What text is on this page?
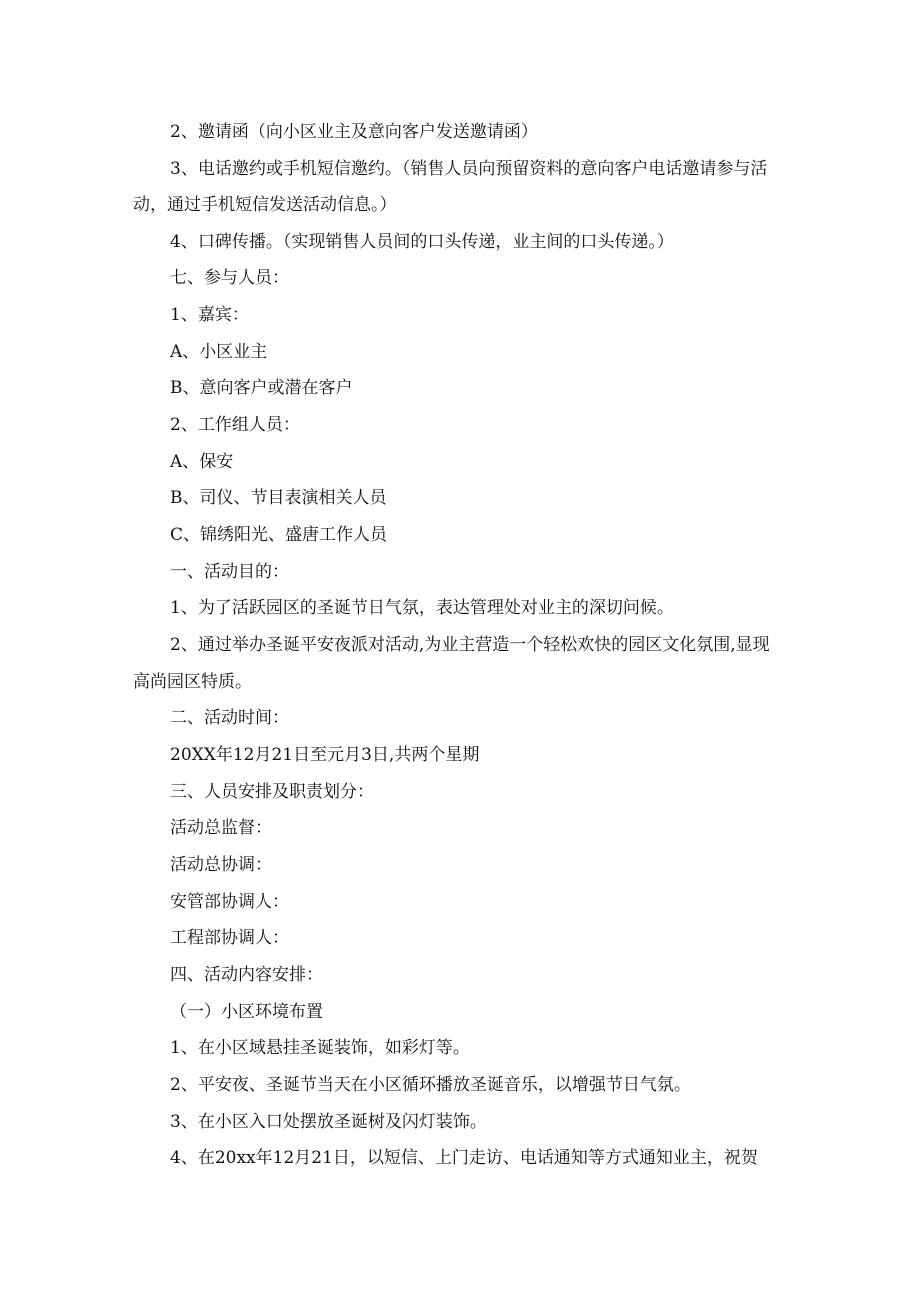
2、邀请函（向小区业主及意向客户发送邀请函）
3、电话邀约或手机短信邀约。（销售人员向预留资料的意向客户电话邀请参与活
动，通过手机短信发送活动信息。）
4、口碑传播。（实现销售人员间的口头传递，业主间的口头传递。）
七、参与人员：
1、嘉宾：
A、小区业主
B、意向客户或潜在客户
2、工作组人员：
A、保安
B、司仪、节目表演相关人员
C、锦绣阳光、盛唐工作人员
一、活动目的：
1、为了活跃园区的圣诞节日气氛，表达管理处对业主的深切问候。
2、通过举办圣诞平安夜派对活动,为业主营造一个轻松欢快的园区文化氛围,显现
高尚园区特质。
二、活动时间：
20XX年12月21日至元月3日,共两个星期
三、人员安排及职责划分：
活动总监督：
活动总协调：
安管部协调人：
工程部协调人：
四、活动内容安排：
（一）小区环境布置
1、在小区域悬挂圣诞装饰，如彩灯等。
2、平安夜、圣诞节当天在小区循环播放圣诞音乐，以增强节日气氛。
3、在小区入口处摆放圣诞树及闪灯装饰。
4、在20xx年12月21日，以短信、上门走访、电话通知等方式通知业主，祝贺
